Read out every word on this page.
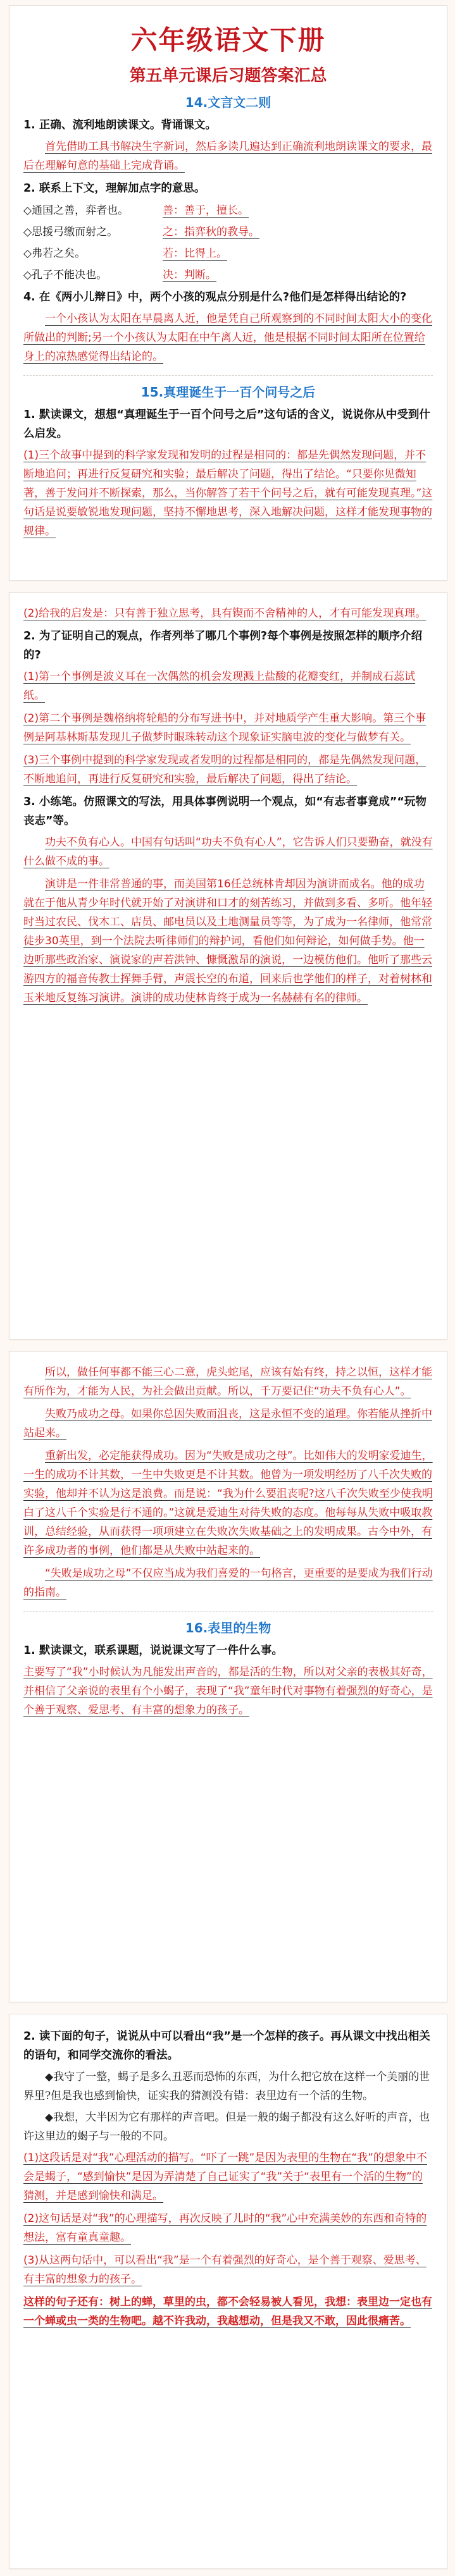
六年级语文下册
第五单元课后习题答案汇总
14.文言文二则

1. 正确、流利地朗读课文。背诵课文。

首先借助工具书解决生字新词，然后多读几遍达到正确流利地朗读课文的要求，最后在理解句意的基础上完成背诵。

2. 联系上下文，理解加点字的意思。

◇通国之善，弈者也。	善：善于，擅长。
◇思援弓缴而射之。	之：指弈秋的教导。
◇弗若之矣。	若：比得上。
◇孔子不能决也。	决：判断。

4. 在《两小儿辩日》中，两个小孩的观点分别是什么?他们是怎样得出结论的?

一个小孩认为太阳在早晨离人近，他是凭自己所观察到的不同时间太阳大小的变化所做出的判断;另一个小孩认为太阳在中午离人近，他是根据不同时间太阳所在位置给身上的凉热感觉得出结论的。

15.真理诞生于一百个问号之后

1. 默读课文，想想“真理诞生于一百个问号之后”这句话的含义，说说你从中受到什么启发。

(1)三个故事中提到的科学家发现和发明的过程是相同的：都是先偶然发现问题，并不断地追问；再进行反复研究和实验；最后解决了问题，得出了结论。“只要你见微知著，善于发问并不断探索，那么，当你解答了若干个问号之后，就有可能发现真理。”这句话是说要敏锐地发现问题，坚持不懈地思考，深入地解决问题，这样才能发现事物的规律。

(2)给我的启发是：只有善于独立思考，具有锲而不舍精神的人，才有可能发现真理。

2. 为了证明自己的观点，作者列举了哪几个事例?每个事例是按照怎样的顺序介绍的?

(1)第一个事例是波义耳在一次偶然的机会发现溅上盐酸的花瓣变红，并制成石蕊试纸。

(2)第二个事例是魏格纳将轮船的分布写进书中，并对地质学产生重大影响。第三个事例是阿基林斯基发现儿子做梦时眼珠转动这个现象证实脑电波的变化与做梦有关。

(3)三个事例中提到的科学家发现或者发明的过程都是相同的，都是先偶然发现问题，不断地追问，再进行反复研究和实验，最后解决了问题，得出了结论。

3. 小练笔。仿照课文的写法，用具体事例说明一个观点，如“有志者事竟成”“玩物丧志”等。

功夫不负有心人。中国有句话叫“功夫不负有心人”，它告诉人们只要勤奋，就没有什么做不成的事。

演讲是一件非常普通的事，而美国第16任总统林肯却因为演讲而成名。他的成功就在于他从青少年时代就开始了对演讲和口才的刻苦练习，并做到多看、多听。他年轻时当过农民、伐木工、店员、邮电员以及土地测量员等等，为了成为一名律师，他常常徒步30英里，到一个法院去听律师们的辩护词，看他们如何辩论，如何做手势。他一边听那些政治家、演说家的声若洪钟、慷慨激昂的演说，一边模仿他们。他听了那些云游四方的福音传教士挥舞手臂，声震长空的布道，回来后也学他们的样子，对着树林和玉米地反复练习演讲。演讲的成功使林肯终于成为一名赫赫有名的律师。

所以，做任何事都不能三心二意，虎头蛇尾，应该有始有终，持之以恒，这样才能有所作为，才能为人民，为社会做出贡献。所以，千万要记住“功夫不负有心人”。

失败乃成功之母。如果你总因失败而沮丧，这是永恒不变的道理。你若能从挫折中站起来。

重新出发，必定能获得成功。因为“失败是成功之母”。比如伟大的发明家爱迪生，一生的成功不计其数，一生中失败更是不计其数。他曾为一项发明经历了八千次失败的实验，他却并不认为这是浪费。而是说：“我为什么要沮丧呢?这八千次失败至少使我明白了这八千个实验是行不通的。”这就是爱迪生对待失败的态度。他每每从失败中吸取教训，总结经验，从而获得一项项建立在失败次失败基础之上的发明成果。古今中外，有许多成功者的事例，他们都是从失败中站起来的。

“失败是成功之母”不仅应当成为我们喜爱的一句格言，更重要的是要成为我们行动的指南。

16.表里的生物

1. 默读课文，联系课题，说说课文写了一件什么事。

主要写了“我”小时候认为凡能发出声音的，都是活的生物，所以对父亲的表极其好奇，并相信了父亲说的表里有个小蝎子，表现了“我”童年时代对事物有着强烈的好奇心，是个善于观察、爱思考、有丰富的想象力的孩子。

2. 读下面的句子，说说从中可以看出“我”是一个怎样的孩子。再从课文中找出相关的语句，和同学交流你的看法。

◆我守了一整，蝎子是多么丑恶而恐怖的东西，为什么把它放在这样一个美丽的世界里?但是我也感到愉快，证实我的猜测没有错：表里边有一个活的生物。

◆我想，大半因为它有那样的声音吧。但是一般的蝎子都没有这么好听的声音，也许这里边的蝎子与一般的不同。

(1)这段话是对“我”心理活动的描写。“吓了一跳”是因为表里的生物在“我”的想象中不会是蝎子，“感到愉快”是因为弄清楚了自己证实了“我”关于“表里有一个活的生物”的猜测，并是感到愉快和满足。

(2)这句话是对“我”的心理描写，再次反映了儿时的“我”心中充满美妙的东西和奇特的想法，富有童真童趣。

(3)从这两句话中，可以看出“我”是一个有着强烈的好奇心，是个善于观察、爱思考、有丰富的想象力的孩子。

这样的句子还有：树上的蝉，草里的虫，都不会轻易被人看见，我想：表里边一定也有一个蝉或虫一类的生物吧。越不许我动，我越想动，但是我又不敢，因此很痛苦。
